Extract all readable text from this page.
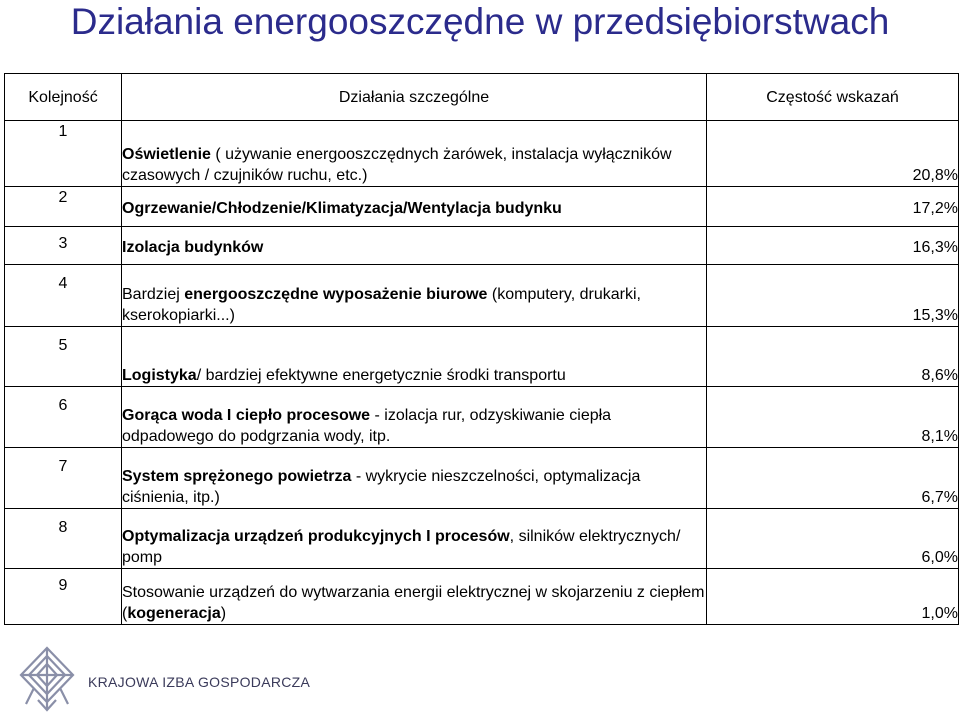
Działania energooszczędne w przedsiębiorstwach
Kolejność	Działania szczególne	Częstość wskazań
1	Oświetlenie ( używanie energooszczędnych żarówek, instalacja wyłączników czasowych / czujników ruchu, etc.)	20,8%
2	Ogrzewanie/Chłodzenie/Klimatyzacja/Wentylacja budynku	17,2%
3	Izolacja budynków	16,3%
4	Bardziej energooszczędne wyposażenie biurowe (komputery, drukarki, kserokopiarki...)	15,3%
5	Logistyka/ bardziej efektywne energetycznie środki transportu	8,6%
6	Gorąca woda I ciepło procesowe - izolacja rur, odzyskiwanie ciepła odpadowego do podgrzania wody, itp.	8,1%
7	System sprężonego powietrza - wykrycie nieszczelności, optymalizacja ciśnienia, itp.)	6,7%
8	Optymalizacja urządzeń produkcyjnych I procesów, silników elektrycznych/ pomp	6,0%
9	Stosowanie urządzeń do wytwarzania energii elektrycznej w skojarzeniu z ciepłem (kogeneracja)	1,0%
KRAJOWA IZBA GOSPODARCZA
